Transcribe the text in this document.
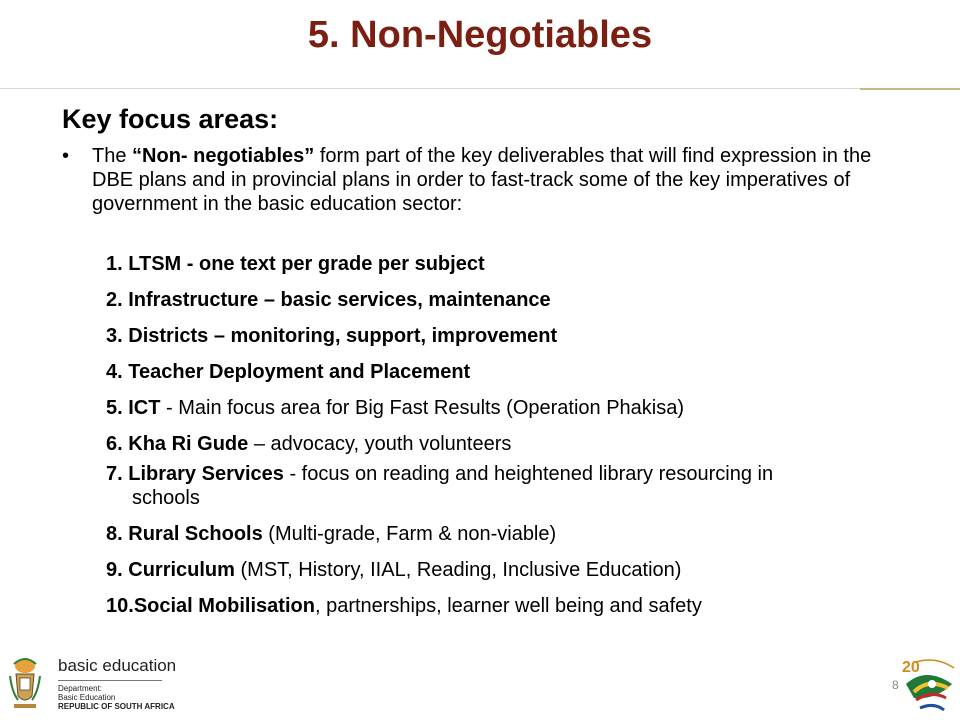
5. Non-Negotiables
Key focus areas:
•	The “Non- negotiables” form part of the key deliverables that will find expression in the DBE plans and in provincial plans in order to fast-track some of the key imperatives of government in the basic education sector:

1. LTSM - one text per grade per subject

2. Infrastructure – basic services, maintenance

3. Districts – monitoring, support, improvement

4. Teacher Deployment and Placement

5. ICT - Main focus area for Big Fast Results (Operation Phakisa)

6. Kha Ri Gude – advocacy, youth volunteers

7. Library Services - focus on reading and heightened library resourcing in schools

8. Rural Schools (Multi-grade, Farm & non-viable)

9. Curriculum (MST, History, IIAL, Reading, Inclusive Education)

10.Social Mobilisation, partnerships, learner well being and safety

basic education
Department:
Basic Education
REPUBLIC OF SOUTH AFRICA
8
20
